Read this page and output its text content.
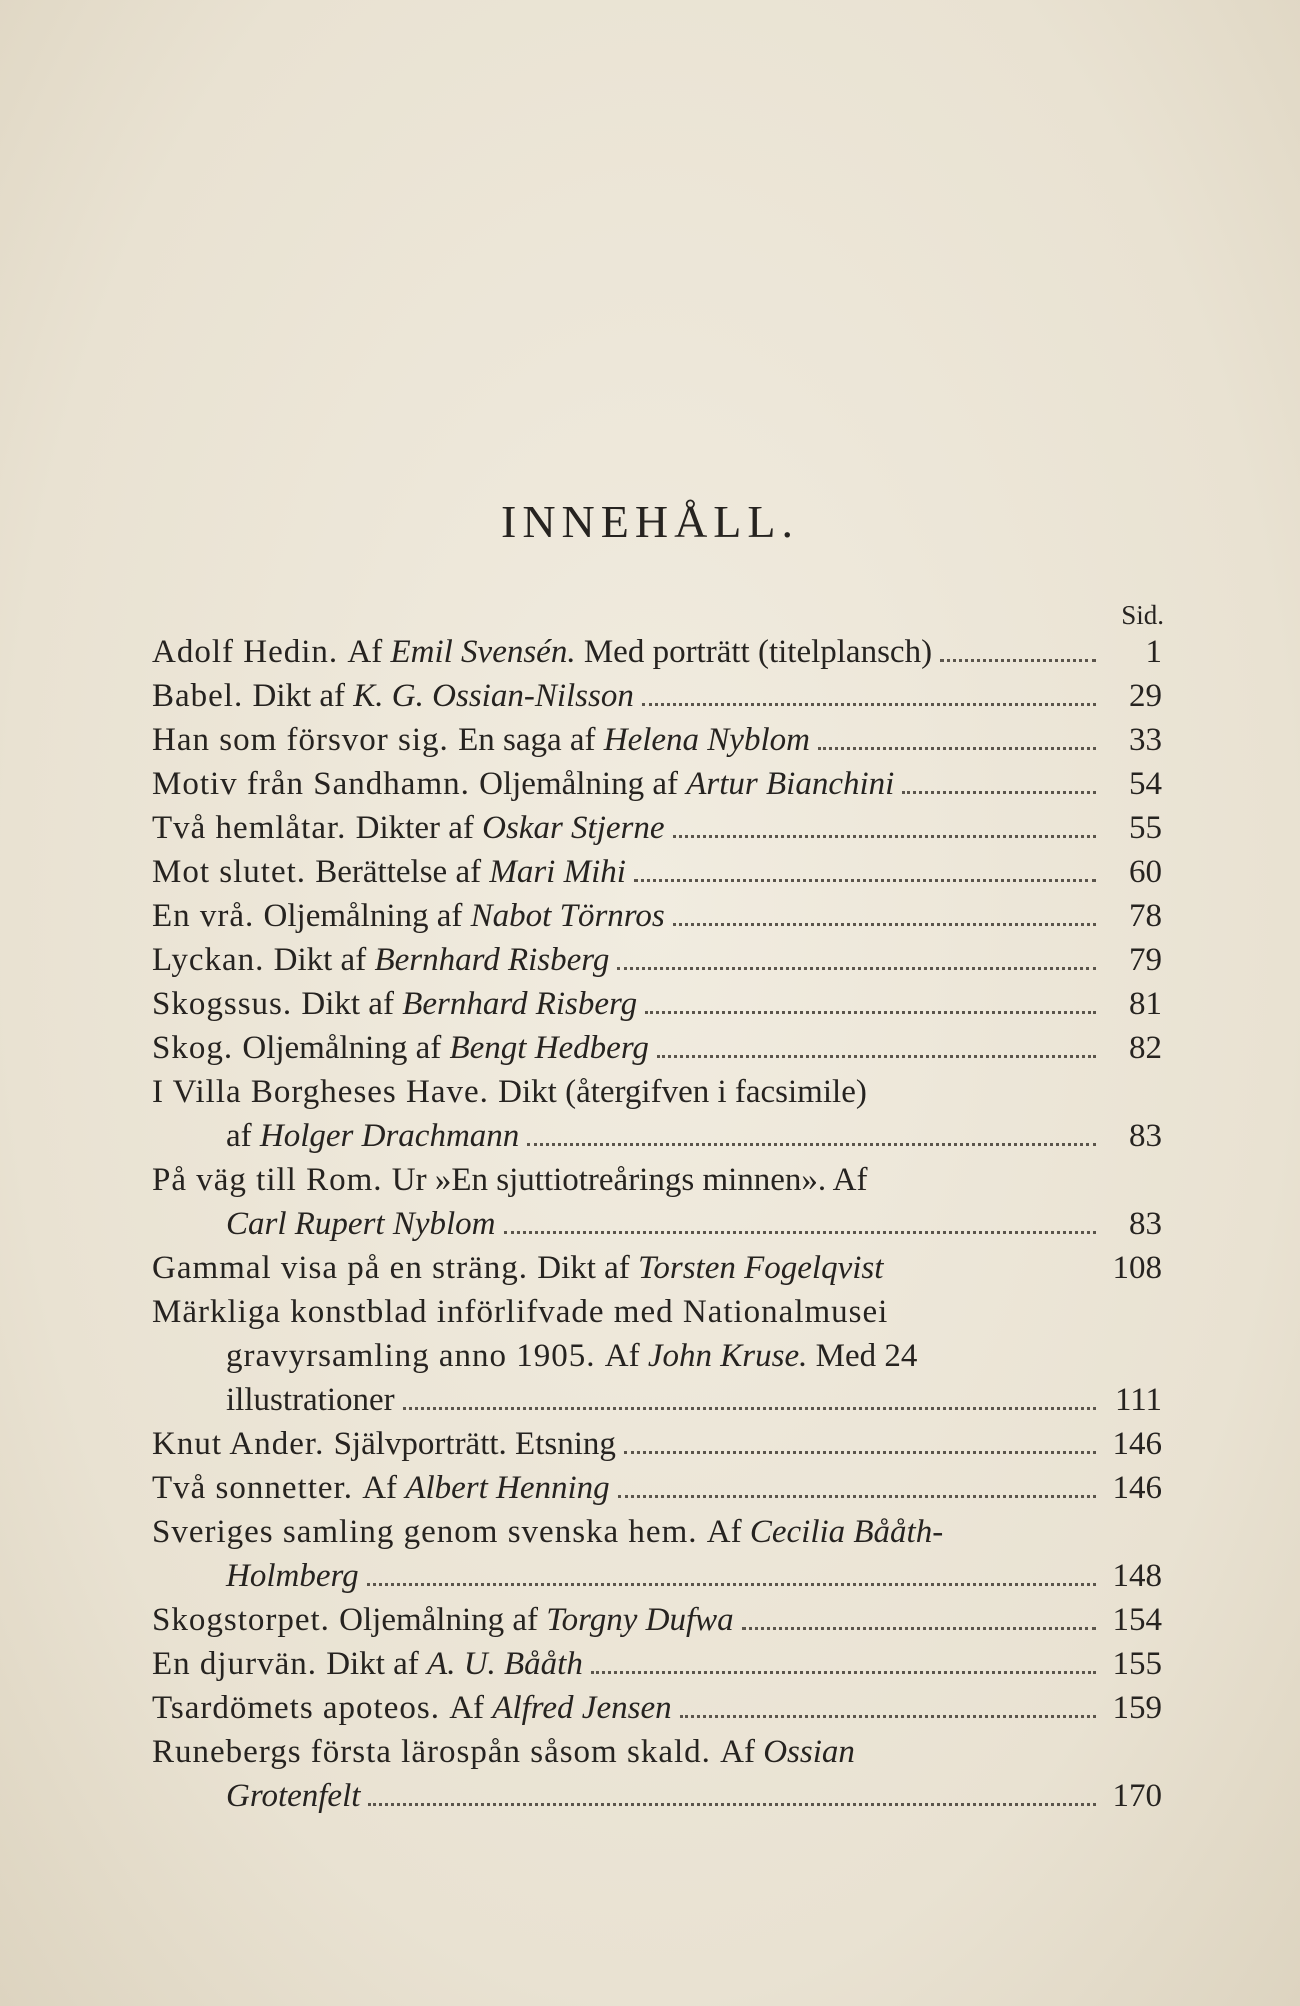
INNEHÅLL.
Sid.
Adolf Hedin. Af Emil Svensén. Med porträtt (titelplansch)	1
Babel. Dikt af K. G. Ossian-Nilsson	29
Han som försvor sig. En saga af Helena Nyblom	33
Motiv från Sandhamn. Oljemålning af Artur Bianchini	54
Två hemlåtar. Dikter af Oskar Stjerne	55
Mot slutet. Berättelse af Mari Mihi	60
En vrå. Oljemålning af Nabot Törnros	78
Lyckan. Dikt af Bernhard Risberg	79
Skogssus. Dikt af Bernhard Risberg	81
Skog. Oljemålning af Bengt Hedberg	82
I Villa Borgheses Have. Dikt (återgifven i facsimile)
af Holger Drachmann	83
På väg till Rom. Ur »En sjuttiotreårings minnen». Af
Carl Rupert Nyblom	83
Gammal visa på en sträng. Dikt af Torsten Fogelqvist	108
Märkliga konstblad införlifvade med Nationalmusei
gravyrsamling anno 1905. Af John Kruse. Med 24
illustrationer	111
Knut Ander. Självporträtt. Etsning	146
Två sonnetter. Af Albert Henning	146
Sveriges samling genom svenska hem. Af Cecilia Bååth-
Holmberg	148
Skogstorpet. Oljemålning af Torgny Dufwa	154
En djurvän. Dikt af A. U. Bååth	155
Tsardömets apoteos. Af Alfred Jensen	159
Runebergs första lärospån såsom skald. Af Ossian
Grotenfelt	170
